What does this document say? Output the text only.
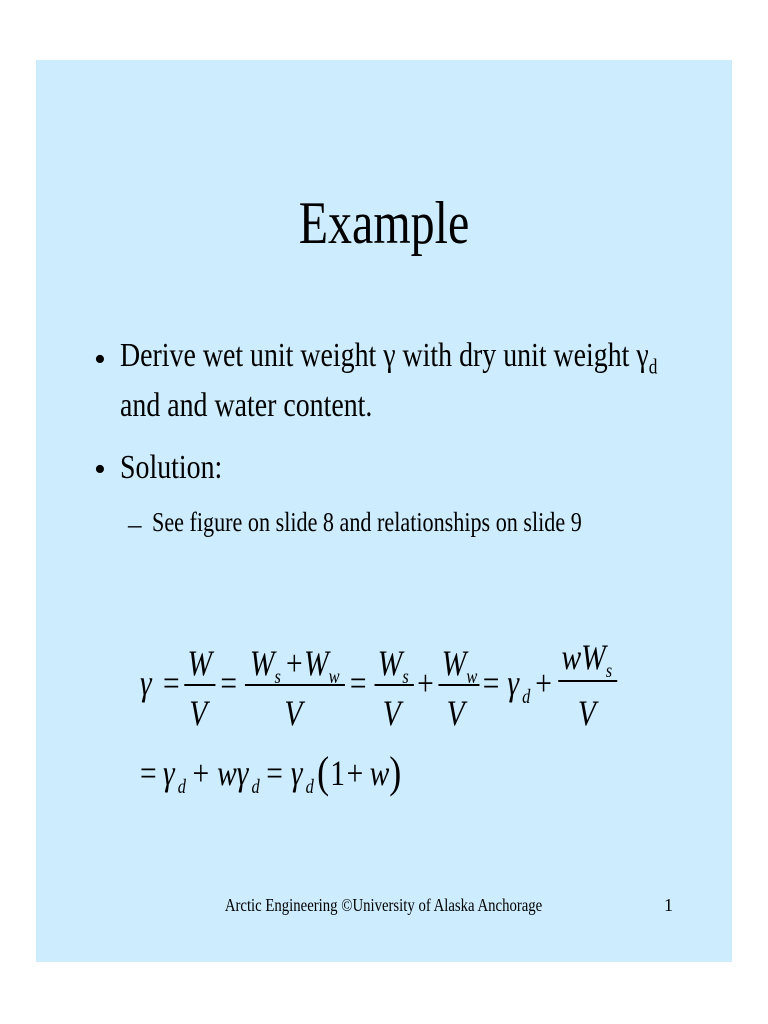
Example
• Derive wet unit weight γ with dry unit weight $\gamma_d$
and and water content.
• Solution:
– See figure on slide 8 and relationships on slide 9
γ =
W
V
=
W s + W w
V
=
W s
V
+
W w
V
= γ d +
w W s
V
= γ d + w γ d = γ d ( 1 + w )
Arctic Engineering ©University of Alaska Anchorage	1
